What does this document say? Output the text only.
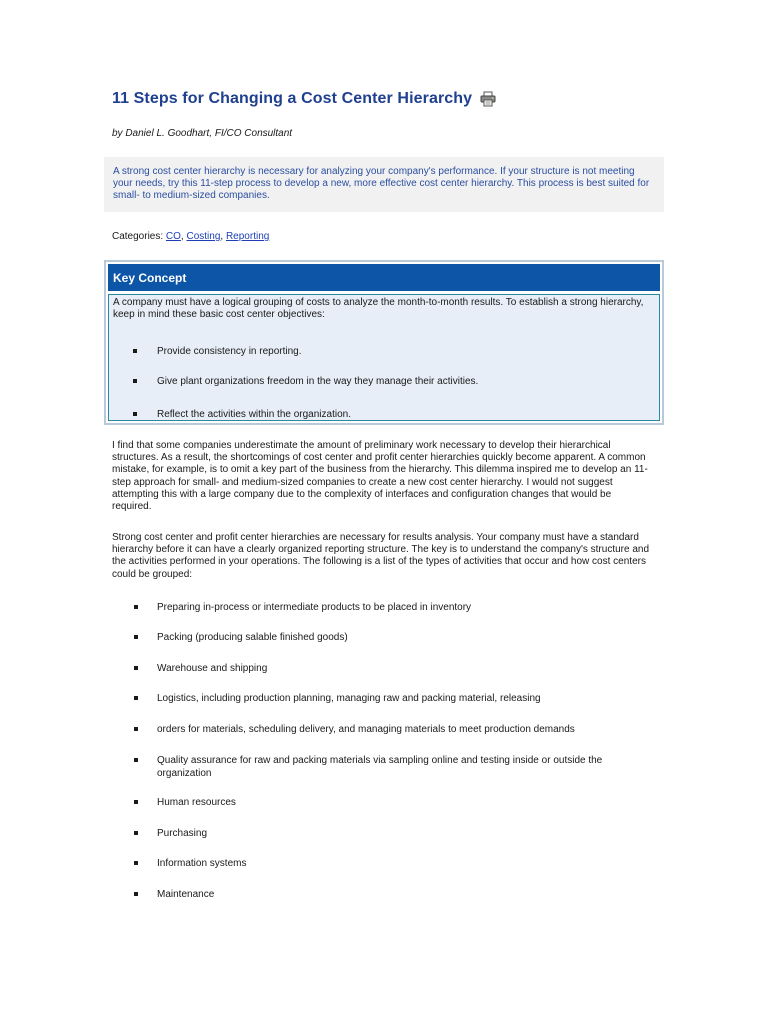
11 Steps for Changing a Cost Center Hierarchy
by Daniel L. Goodhart, FI/CO Consultant

A strong cost center hierarchy is necessary for analyzing your company's performance. If your structure is not meeting your needs, try this 11-step process to develop a new, more effective cost center hierarchy. This process is best suited for small- to medium-sized companies.

Categories: CO, Costing, Reporting
Key Concept

A company must have a logical grouping of costs to analyze the month-to-month results. To establish a strong hierarchy, keep in mind these basic cost center objectives:

Provide consistency in reporting.
Give plant organizations freedom in the way they manage their activities.
Reflect the activities within the organization.

I find that some companies underestimate the amount of preliminary work necessary to develop their hierarchical structures. As a result, the shortcomings of cost center and profit center hierarchies quickly become apparent. A common mistake, for example, is to omit a key part of the business from the hierarchy. This dilemma inspired me to develop an 11-step approach for small- and medium-sized companies to create a new cost center hierarchy. I would not suggest attempting this with a large company due to the complexity of interfaces and configuration changes that would be required.

Strong cost center and profit center hierarchies are necessary for results analysis. Your company must have a standard hierarchy before it can have a clearly organized reporting structure. The key is to understand the company's structure and the activities performed in your operations. The following is a list of the types of activities that occur and how cost centers could be grouped:

Preparing in-process or intermediate products to be placed in inventory
Packing (producing salable finished goods)
Warehouse and shipping
Logistics, including production planning, managing raw and packing material, releasing
orders for materials, scheduling delivery, and managing materials to meet production demands
Quality assurance for raw and packing materials via sampling online and testing inside or outside the organization
Human resources
Purchasing
Information systems
Maintenance
